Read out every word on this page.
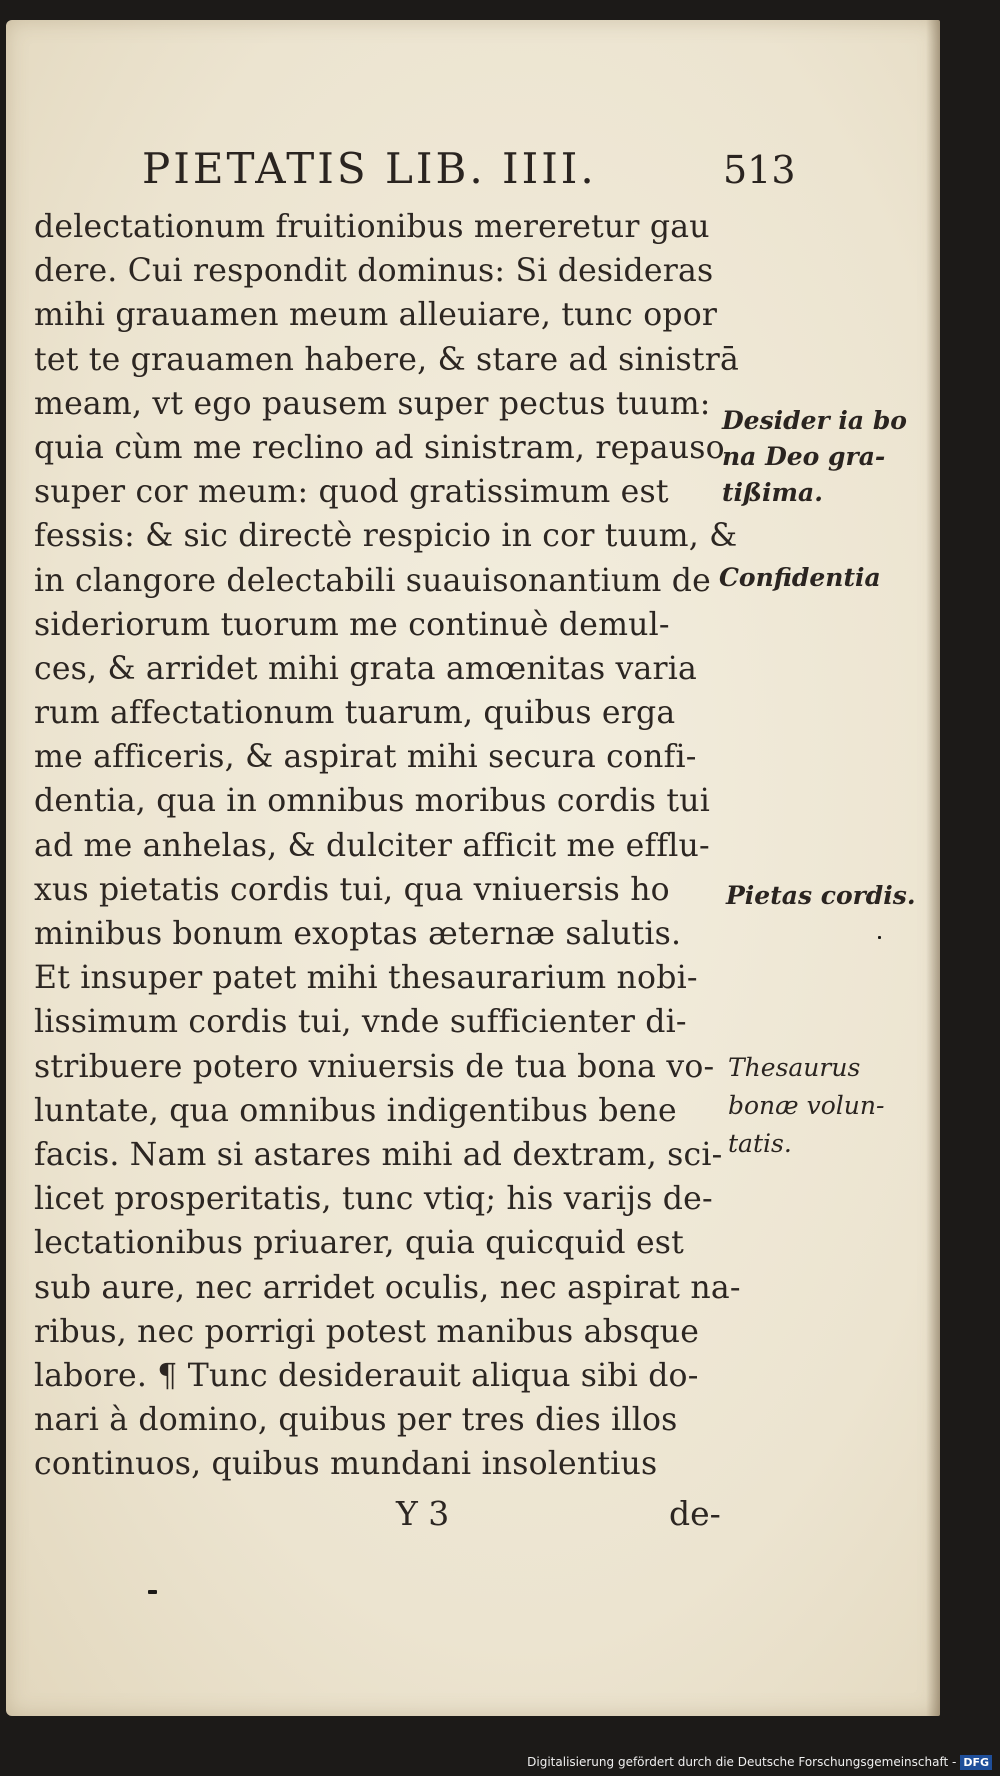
PIETATIS LIB. IIII.	513
delectationum fruitionibus mereretur gau
dere. Cui respondit dominus: Si desideras
mihi grauamen meum alleuiare, tunc opor
tet te grauamen habere, & stare ad sinistrā
meam, vt ego pausem super pectus tuum:
quia cùm me reclino ad sinistram, repauso
super cor meum: quod gratissimum est
fessis: & sic directè respicio in cor tuum, &
in clangore delectabili suauisonantium de
sideriorum tuorum me continuè demul-
ces, & arridet mihi grata amœnitas varia
rum affectationum tuarum, quibus erga
me afficeris, & aspirat mihi secura confi-
dentia, qua in omnibus moribus cordis tui
ad me anhelas, & dulciter afficit me efflu-
xus pietatis cordis tui, qua vniuersis ho
minibus bonum exoptas æternæ salutis.
Et insuper patet mihi thesaurarium nobi-
lissimum cordis tui, vnde sufficienter di-
stribuere potero vniuersis de tua bona vo-
luntate, qua omnibus indigentibus bene
facis. Nam si astares mihi ad dextram, sci-
licet prosperitatis, tunc vtiq; his varijs de-
lectationibus priuarer, quia quicquid est
sub aure, nec arridet oculis, nec aspirat na-
ribus, nec porrigi potest manibus absque
labore. ¶ Tunc desiderauit aliqua sibi do-
nari à domino, quibus per tres dies illos
continuos, quibus mundani insolentius
Desider ia bo
na Deo gra-
tißima.
Confidentia
Pietas cordis.
Thesaurus
bonæ volun-
tatis.
Y 3	de-
Digitalisierung gefördert durch die Deutsche Forschungsgemeinschaft - DFG
